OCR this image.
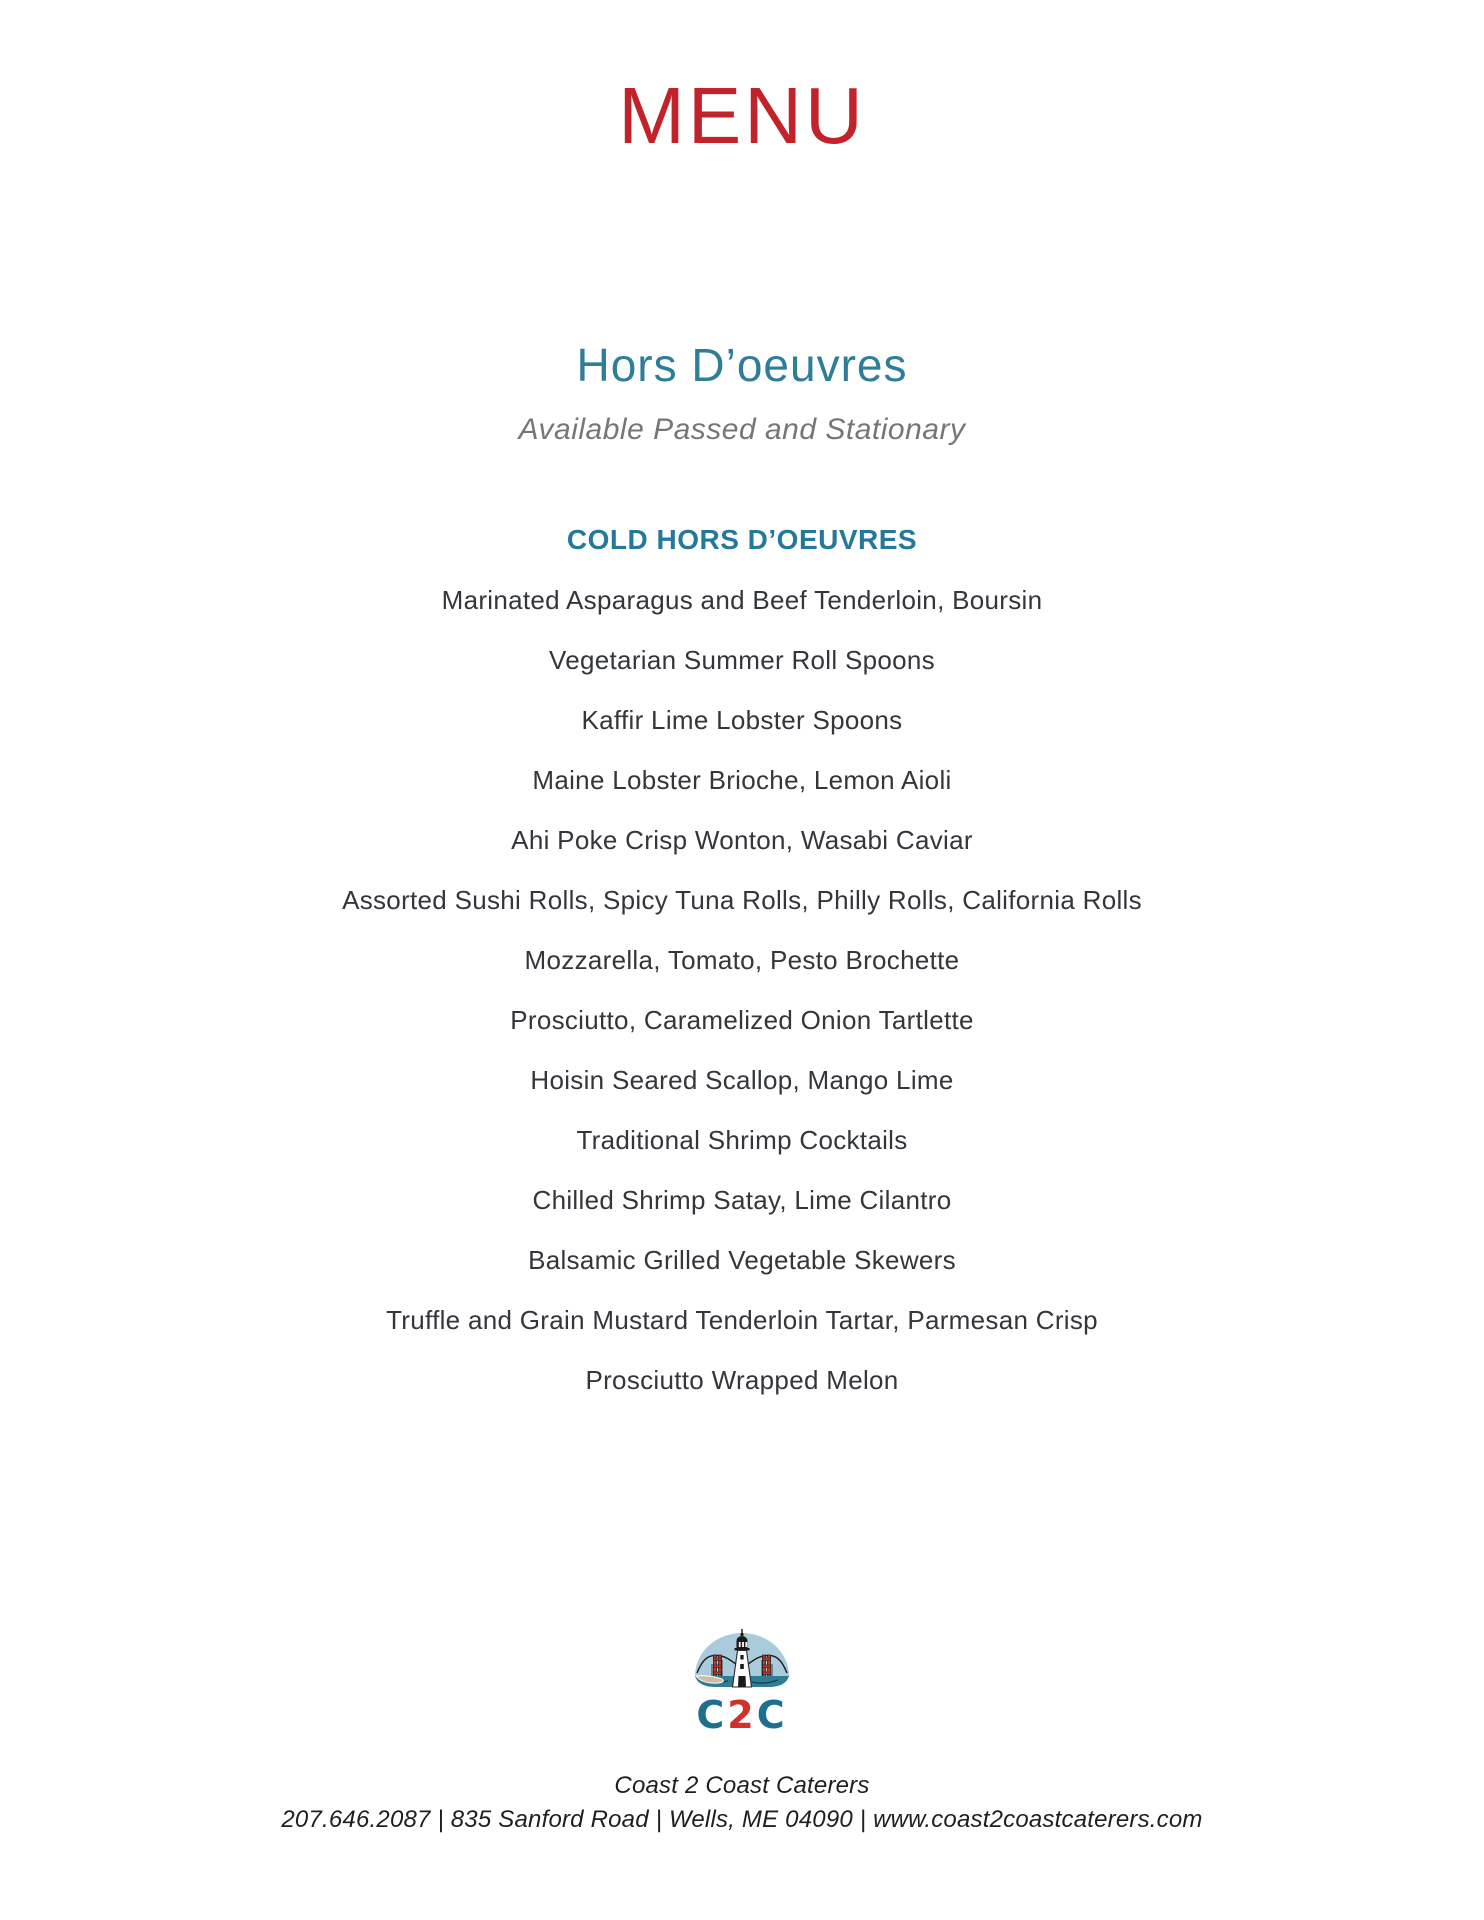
MENU
Hors D’oeuvres
Available Passed and Stationary
COLD HORS D’OEUVRES
Marinated Asparagus and Beef Tenderloin, Boursin
Vegetarian Summer Roll Spoons
Kaffir Lime Lobster Spoons
Maine Lobster Brioche, Lemon Aioli
Ahi Poke Crisp Wonton, Wasabi Caviar
Assorted Sushi Rolls, Spicy Tuna Rolls, Philly Rolls, California Rolls
Mozzarella, Tomato, Pesto Brochette
Prosciutto, Caramelized Onion Tartlette
Hoisin Seared Scallop, Mango Lime
Traditional Shrimp Cocktails
Chilled Shrimp Satay, Lime Cilantro
Balsamic Grilled Vegetable Skewers
Truffle and Grain Mustard Tenderloin Tartar, Parmesan Crisp
Prosciutto Wrapped Melon
C2C
Coast 2 Coast Caterers
207.646.2087 | 835 Sanford Road | Wells, ME 04090 | www.coast2coastcaterers.com
